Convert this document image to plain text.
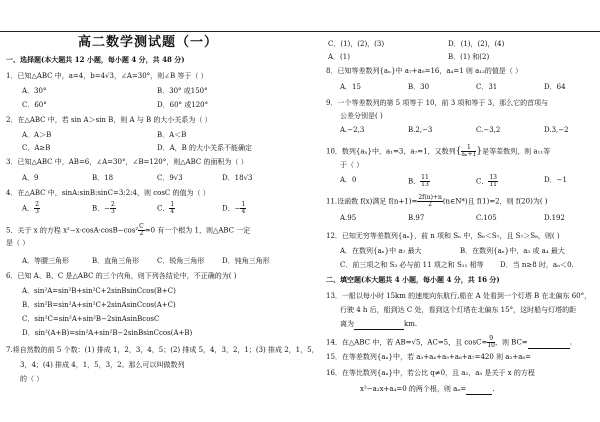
高二数学测试题（一）
一、选择题(本大题共 12 小题，每小题 4 分，共 48 分)
1．已知△ABC 中，a=4，b=4√3，∠A=30°，则∠B 等于（ ）
A．30°	B．30° 或150°
C．60°	D．60° 或120°
2．在△ABC 中，若 sin A＞sin B，则 A 与 B 的大小关系为（ ）
A．A＞B	B．A＜B
C．A≥B	D．A，B 的大小关系不能确定
3．已知△ABC 中，AB=6，∠A=30°，∠B=120°，则△ABC 的面积为（ ）
A．9	B．18	C．9√3	D．18√3
4．在△ABC 中，sinA:sinB:sinC=3:2:4，则 cosC 的值为（ ）
A． $\frac{2}{3}$	B．− $\frac{2}{3}$	C． $\frac{1}{4}$	D．− $\frac{1}{4}$
5．关于 x 的方程 $x^2-x\cdot\cos A\cdot\cos B-\cos^2 \frac{C}{2} =0$ 有一个根为 1，则△ABC 一定
是（ ）
A．等腰三角形	B．直角三角形	C．锐角三角形	D．钝角三角形
6．已知 A、B、C 是△ABC 的三个内角，则下列各结论中，不正确的为( )
A．sin²A=sin²B+sin²C+2sinBsinCcos(B+C)
B．sin²B=sin²A+sin²C+2sinAsinCcos(A+C)
C．sin²C=sin²A+sin²B−2sinAsinBcosC
D．sin²(A+B)=sin²A+sin²B−2sinBsinCcos(A+B)
7.将自然数的前 5 个数：(1) 排成 1，2，3，4，5；(2) 排成 5，4，3，2，1；(3) 排成 2，1，5，
3，4；(4) 排成 4，1，5，3，2。那么可以叫做数列
的（ ）
C．(1)，(2)，(3)	D．(1)，(2)，(4)
A．(1)	B．(1) 和(2)
8．已知等差数列{aₙ}中 a₇+a₉=16，a₄=1 则 a₁₂的值是（ ）
A．15	B．30	C．31	D．64
9．一个等差数列的第 5 项等于 10，前 3 项和等于 3，那么它的首项与
公差分别是( )
A.−2,3	B.2,−3	C.−3,2	D.3,−2
10．数列{aₙ}中，a₁=3，a₇=1，又数列{ $\frac{1}{\text{aₙ+1}}$ }是等差数列，则 a₁₁等
于（ ）
A．0	B． $\frac{11}{13}$	C． $\frac{13}{11}$	D．−1
11.设函数 f(x)满足 $f(n+1)= \frac{2f(n)+n}{2}$ (n∈N*)且 f(1)=2，则 f(20)为( )
A.95	B.97	C.105	D.192
12．已知无穷等差数列{aₙ}，前 n 项和 Sₙ 中，S₆＜S₇，且 S₇＞S₈，则( )
A．在数列{aₙ}中 a₇ 最大	B．在数列{aₙ}中，a₃ 或 a₄ 最大
C．前三项之和 S₃ 必与前 11 项之和 S₁₁ 相等 D．当 n≥8 时，aₙ＜0.
二、填空题(本大题共 4 小题，每小题 4 分，共 16 分)
13．一船以每小时 15km 的速度向东航行,船在 A 处看到一个灯塔 B 在北偏东 60°，
行驶 4 h 后，船到达 C 处，看到这个灯塔在北偏东 15°，这时船与灯塔的距
离为	km.
14．在△ABC 中，若 AB=√5，AC=5，且 $\cos C= \frac{9}{10}$ ，则 BC=	.
15．在等差数列{aₙ}中，若 a₃+a₄+a₅+a₆+a₇=420 则 a₂+a₈=
16．在等比数列{aₙ}中，若公比 q≠0，且 a₂，a₃ 是关于 x 的方程
x²−a₂x+a₄=0 的两个根，则 aₙ=	.
